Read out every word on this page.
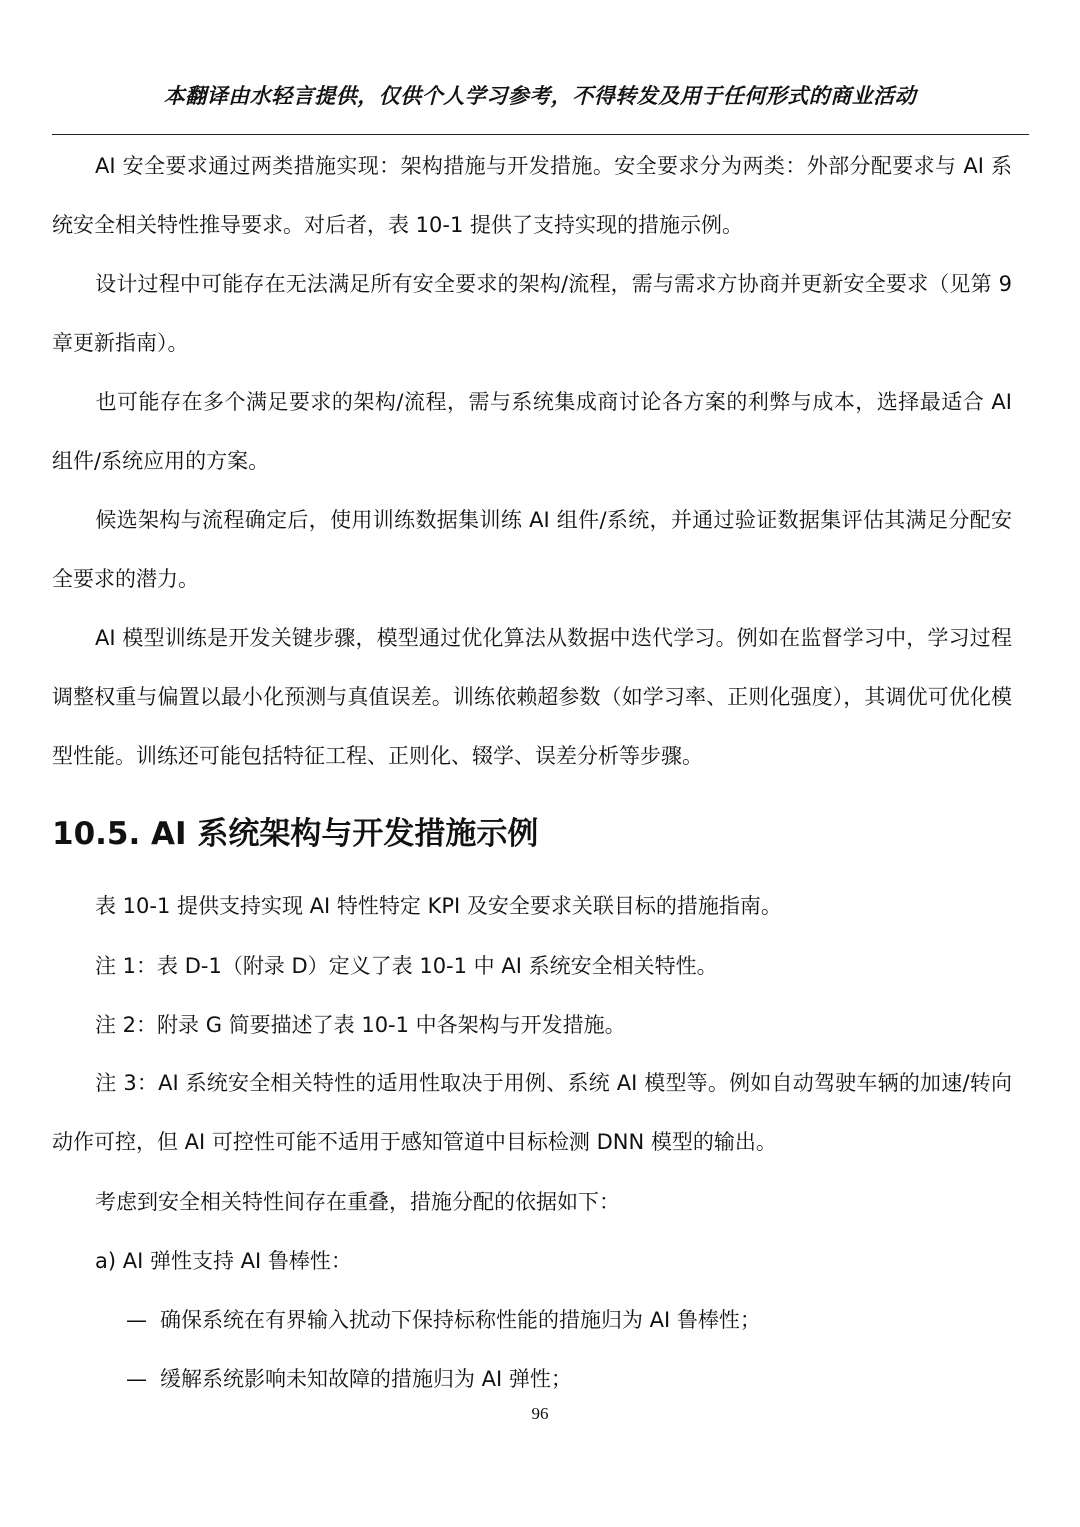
本翻译由水轻言提供，仅供个人学习参考，不得转发及用于任何形式的商业活动

AI 安全要求通过两类措施实现：架构措施与开发措施。安全要求分为两类：外部分配要求与 AI 系统安全相关特性推导要求。对后者，表 10-1 提供了支持实现的措施示例。

设计过程中可能存在无法满足所有安全要求的架构/流程，需与需求方协商并更新安全要求（见第 9 章更新指南）。

也可能存在多个满足要求的架构/流程，需与系统集成商讨论各方案的利弊与成本，选择最适合 AI 组件/系统应用的方案。

候选架构与流程确定后，使用训练数据集训练 AI 组件/系统，并通过验证数据集评估其满足分配安全要求的潜力。

AI 模型训练是开发关键步骤，模型通过优化算法从数据中迭代学习。例如在监督学习中，学习过程调整权重与偏置以最小化预测与真值误差。训练依赖超参数（如学习率、正则化强度），其调优可优化模型性能。训练还可能包括特征工程、正则化、辍学、误差分析等步骤。

10.5. AI 系统架构与开发措施示例
表 10-1 提供支持实现 AI 特性特定 KPI 及安全要求关联目标的措施指南。
注 1：表 D-1（附录 D）定义了表 10-1 中 AI 系统安全相关特性。
注 2：附录 G 简要描述了表 10-1 中各架构与开发措施。

注 3：AI 系统安全相关特性的适用性取决于用例、系统 AI 模型等。例如自动驾驶车辆的加速/转向动作可控，但 AI 可控性可能不适用于感知管道中目标检测 DNN 模型的输出。

考虑到安全相关特性间存在重叠，措施分配的依据如下：
a) AI 弹性支持 AI 鲁棒性：
— 确保系统在有界输入扰动下保持标称性能的措施归为 AI 鲁棒性；
— 缓解系统影响未知故障的措施归为 AI 弹性；
96
